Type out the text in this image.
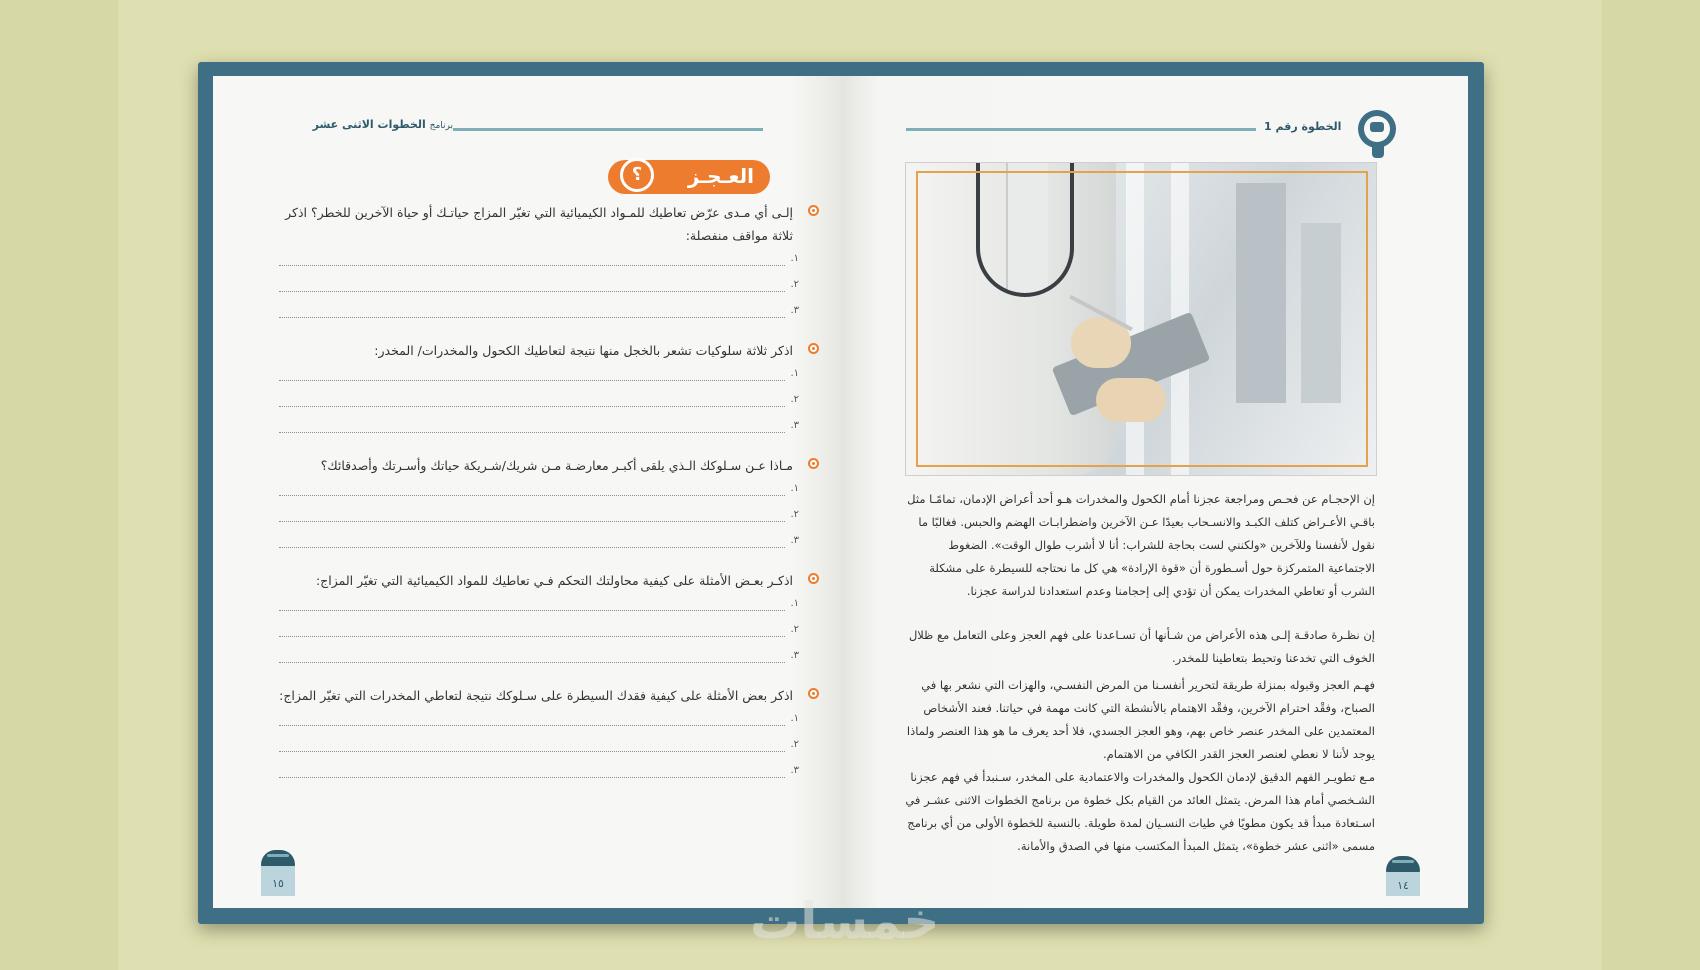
برنامج الخطوات الاثنى عشر
العـجـز
؟
إلـى أي مـدى عرّض تعاطيك للمـواد الكيميائية التي تغيّر المزاج حياتـك أو حياة الآخرين للخطر؟ اذكر ثلاثة مواقف منفصلة:
١.
٢.
٣.
اذكر ثلاثة سلوكيات تشعر بالخجل منها نتيجة لتعاطيك الكحول والمخدرات/ المخدر:
١.
٢.
٣.
مـاذا عـن سـلوكك الـذي يلقى أكبـر معارضـة مـن شريك/شـريكة حياتك وأسـرتك وأصدقائك؟
١.
٢.
٣.
اذكـر بعـض الأمثلة على كيفية محاولتك التحكم فـي تعاطيك للمواد الكيميائية التي تغيّر المزاج:
١.
٢.
٣.
اذكر بعض الأمثلة على كيفية فقدك السيطرة على سـلوكك نتيجة لتعاطي المخدرات التي تغيّر المزاج:
١.
٢.
٣.
١٥
الخطوة رقم 1
إن الإحجـام عن فحـص ومراجعة عجزنا أمام الكحول والمخدرات هـو أحد أعراض الإدمان، تمامًـا مثل باقـي الأعـراض كتلف الكبـد والانسـحاب بعيدًا عـن الآخرين واضطرابـات الهضم والحبس. فغالبًا ما نقول لأنفسنا وللآخرين «ولكنني لست بحاجة للشراب: أنا لا أشرب طوال الوقت». الضغوط الاجتماعية المتمركزة حول أسـطورة أن «قوة الإرادة» هي كل ما نحتاجه للسيطرة على مشكلة الشرب أو تعاطي المخدرات يمكن أن تؤدي إلى إحجامنا وعدم استعدادنا لدراسة عجزنا.
إن نظـرة صادقـة إلـى هذه الأعراض من شـأنها أن تسـاعدنا على فهم العجز وعلى التعامل مع ظلال الخوف التي تخدعنا وتحيط بتعاطينا للمخدر.
فهـم العجز وقبوله بمنزلة طريقة لتحرير أنفسـنا من المرض النفسـي، والهزات التي نشعر بها في الصباح، وفقْد احترام الآخرين، وفقْد الاهتمام بالأنشطة التي كانت مهمة في حياتنا. فعند الأشخاص المعتمدين على المخدر عنصر خاص بهم، وهو العجز الجسدي، فلا أحد يعرف ما هو هذا العنصر ولماذا يوجد لأننا لا نعطي لعنصر العجز القدر الكافي من الاهتمام.
مـع تطويـر الفهم الدقيق لإدمان الكحول والمخدرات والاعتمادية على المخدر، سـنبدأ في فهم عجزنا الشـخصي أمام هذا المرض. يتمثل العائد من القيام بكل خطوة من برنامج الخطوات الاثنى عشـر في اسـتعادة مبدأ قد يكون مطويًا في طيات النسـيان لمدة طويلة. بالنسبة للخطوة الأولى من أي برنامج مسمى «اثنى عشر خطوة»، يتمثل المبدأ المكتسب منها في الصدق والأمانة.
١٤
خمسات
